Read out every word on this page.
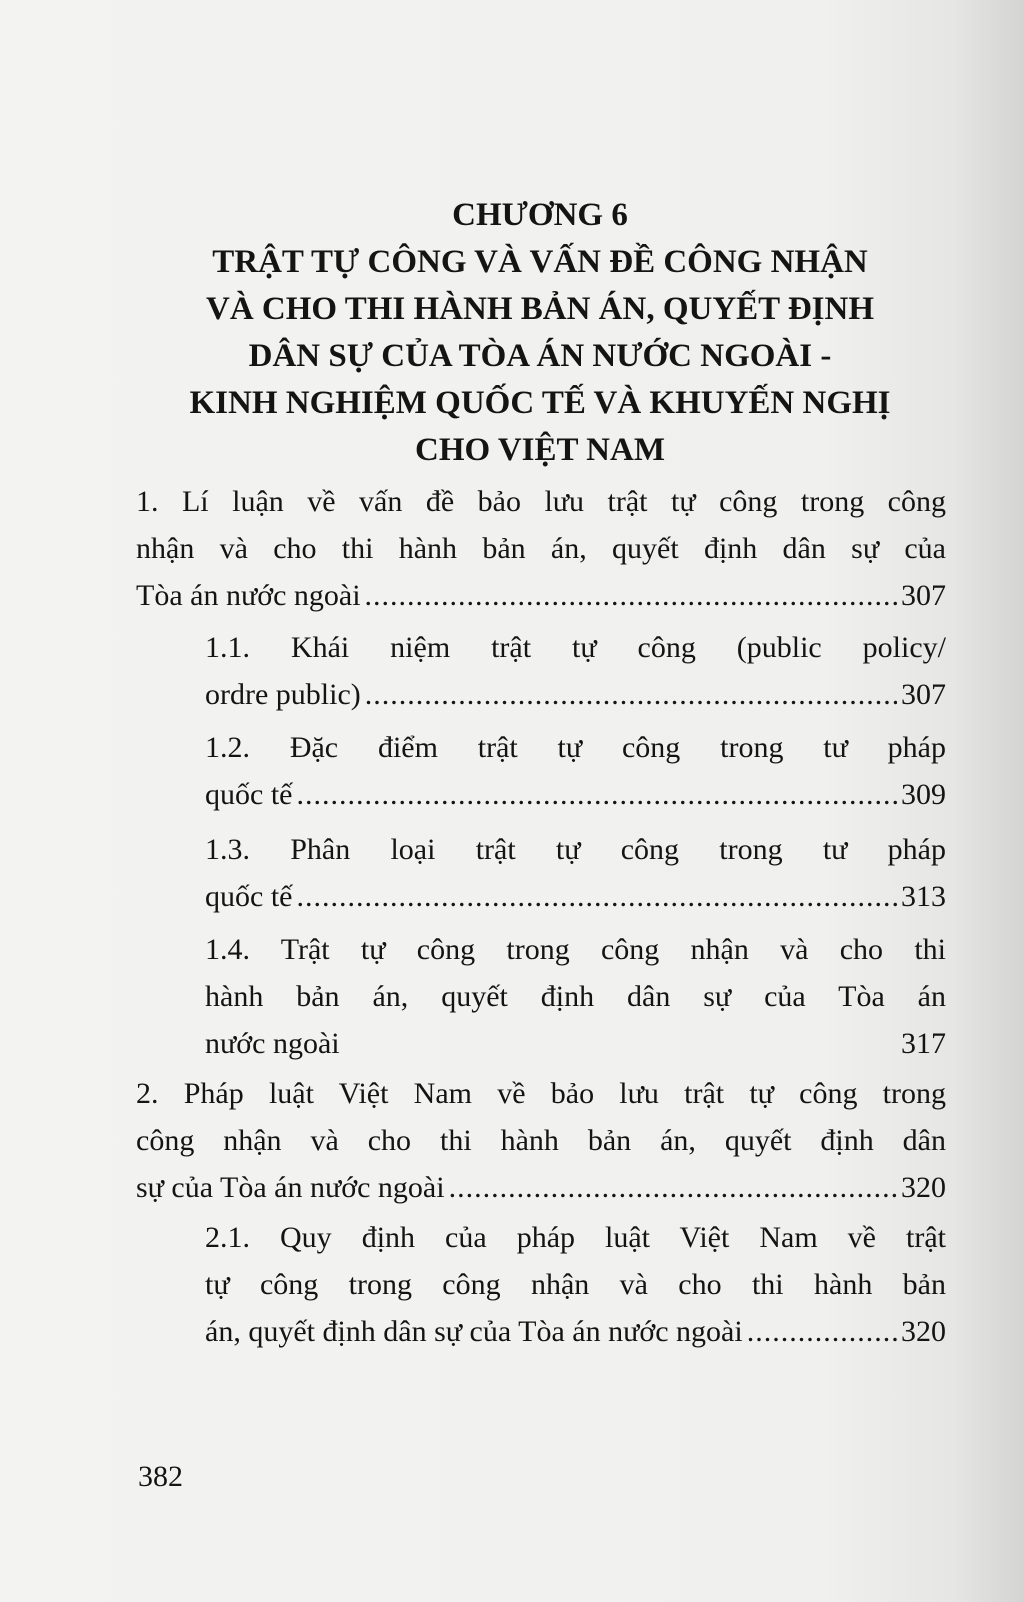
CHƯƠNG 6
TRẬT TỰ CÔNG VÀ VẤN ĐỀ CÔNG NHẬN
VÀ CHO THI HÀNH BẢN ÁN, QUYẾT ĐỊNH
DÂN SỰ CỦA TÒA ÁN NƯỚC NGOÀI -
KINH NGHIỆM QUỐC TẾ VÀ KHUYẾN NGHỊ
CHO VIỆT NAM
1. Lí luận về vấn đề bảo lưu trật tự công trong công
nhận và cho thi hành bản án, quyết định dân sự của
Tòa án nước ngoài .....	307
1.1. Khái niệm trật tự công (public policy/
ordre public) .....	307
1.2. Đặc điểm trật tự công trong tư pháp
quốc tế .....	309
1.3. Phân loại trật tự công trong tư pháp
quốc tế .....	313
1.4. Trật tự công trong công nhận và cho thi
hành bản án, quyết định dân sự của Tòa án
nước ngoài	317
2. Pháp luật Việt Nam về bảo lưu trật tự công trong
công nhận và cho thi hành bản án, quyết định dân
sự của Tòa án nước ngoài .....	320
2.1. Quy định của pháp luật Việt Nam về trật
tự công trong công nhận và cho thi hành bản
án, quyết định dân sự của Tòa án nước ngoài .....	320
382
